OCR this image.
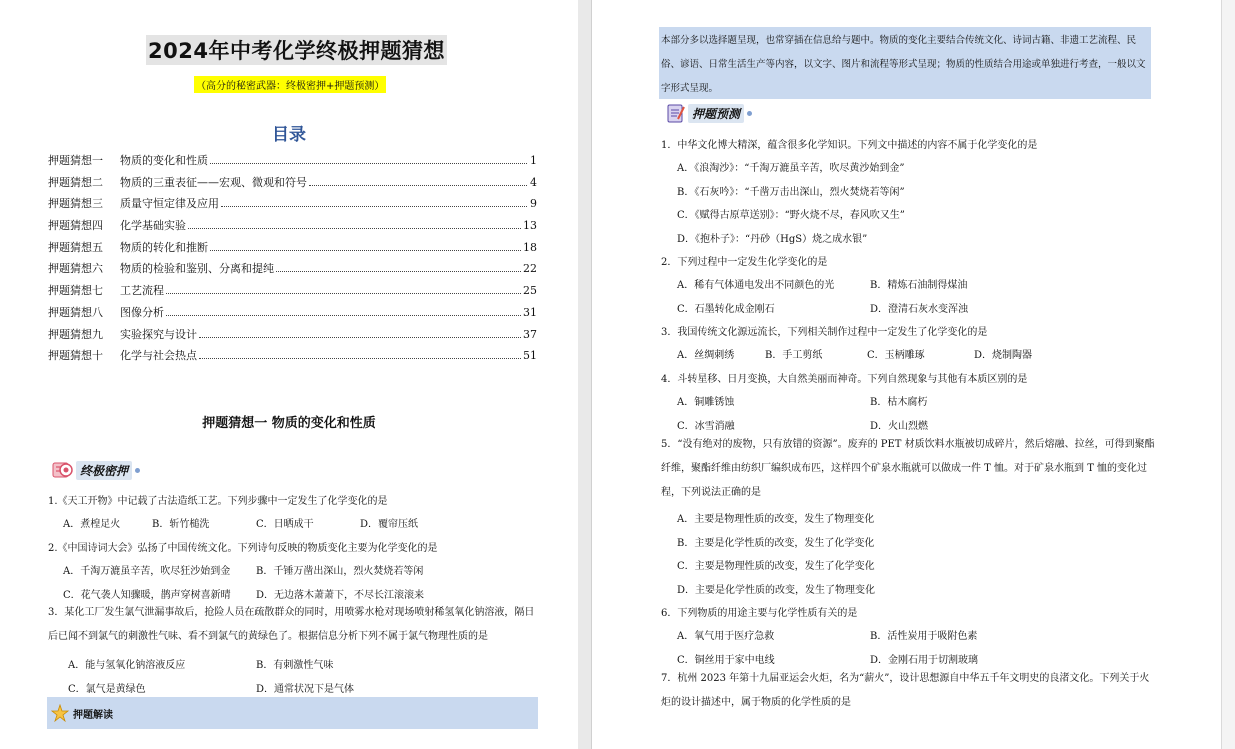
2024年中考化学终极押题猜想
（高分的秘密武器：终极密押+押题预测）
目录
押题猜想一	物质的变化和性质	1
押题猜想二	物质的三重表征——宏观、微观和符号	4
押题猜想三	质量守恒定律及应用	9
押题猜想四	化学基础实验	13
押题猜想五	物质的转化和推断	18
押题猜想六	物质的检验和鉴别、分离和提纯	22
押题猜想七	工艺流程	25
押题猜想八	图像分析	31
押题猜想九	实验探究与设计	37
押题猜想十	化学与社会热点	51
押题猜想一 物质的变化和性质
终极密押
1.《天工开物》中记载了古法造纸工艺。下列步骤中一定发生了化学变化的是
A．煮楻足火	B．斩竹槌洗	C．日晒成干	D．覆帘压纸
2.《中国诗词大会》弘扬了中国传统文化。下列诗句反映的物质变化主要为化学变化的是
A．千淘万漉虽辛苦，吹尽狂沙始到金	B．千锤万凿出深山，烈火焚烧若等闲
C．花气袭人知骤暖，鹊声穿树喜新晴	D．无边落木萧萧下，不尽长江滚滚来
3．某化工厂发生氯气泄漏事故后，抢险人员在疏散群众的同时，用喷雾水枪对现场喷射稀氢氧化钠溶液，隔日后已闻不到氯气的刺激性气味、看不到氯气的黄绿色了。根据信息分析下列不属于氯气物理性质的是
A．能与氢氧化钠溶液反应	B．有刺激性气味
C．氯气是黄绿色	D．通常状况下是气体
押题解读
本部分多以选择题呈现，也常穿插在信息给与题中。物质的变化主要结合传统文化、诗词古籍、非遗工艺流程、民俗、谚语、日常生活生产等内容，以文字、图片和流程等形式呈现；物质的性质结合用途或单独进行考查，一般以文字形式呈现。
押题预测
1．中华文化博大精深，蕴含很多化学知识。下列文中描述的内容不属于化学变化的是
A．《浪淘沙》：“千淘万漉虽辛苦，吹尽黄沙始到金”
B．《石灰吟》：“千凿万击出深山，烈火焚烧若等闲”
C．《赋得古原草送别》：“野火烧不尽，春风吹又生”
D．《抱朴子》：“丹砂（HgS）烧之成水银”
2．下列过程中一定发生化学变化的是
A．稀有气体通电发出不同颜色的光	B．精炼石油制得煤油
C．石墨转化成金刚石	D．澄清石灰水变浑浊
3．我国传统文化源远流长，下列相关制作过程中一定发生了化学变化的是
A．丝绸刺绣	B．手工剪纸	C．玉柄雕琢	D．烧制陶器
4．斗转星移、日月变换，大自然美丽而神奇。下列自然现象与其他有本质区别的是
A．铜雕锈蚀	B．枯木腐朽
C．冰雪消融	D．火山烈燃
5．“没有绝对的废物，只有放错的资源”。废弃的 PET 材质饮料水瓶被切成碎片，然后熔融、拉丝，可得到聚酯纤维，聚酯纤维由纺织厂编织成布匹，这样四个矿泉水瓶就可以做成一件 T 恤。对于矿泉水瓶到 T 恤的变化过程，下列说法正确的是
A．主要是物理性质的改变，发生了物理变化
B．主要是化学性质的改变，发生了化学变化
C．主要是物理性质的改变，发生了化学变化
D．主要是化学性质的改变，发生了物理变化
6．下列物质的用途主要与化学性质有关的是
A．氧气用于医疗急救	B．活性炭用于吸附色素
C．铜丝用于家中电线	D．金刚石用于切割玻璃
7．杭州 2023 年第十九届亚运会火炬，名为“薪火”，设计思想源自中华五千年文明史的良渚文化。下列关于火炬的设计描述中，属于物质的化学性质的是
